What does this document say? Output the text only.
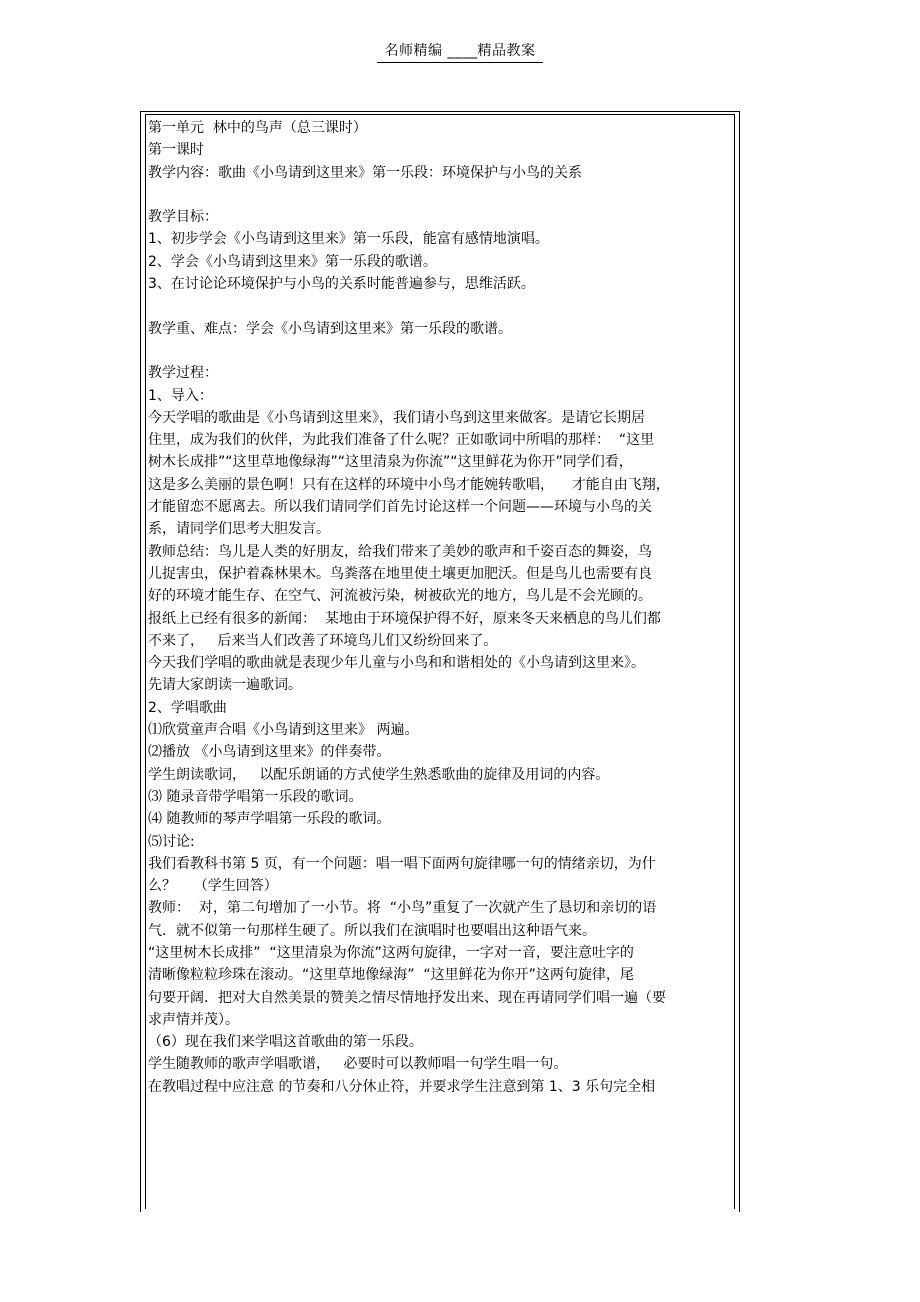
名师精编 ____精品教案
第一单元  林中的鸟声（总三课时）
第一课时
教学内容：歌曲《小鸟请到这里来》第一乐段：环境保护与小鸟的关系
教学目标：
1、初步学会《小鸟请到这里来》第一乐段，能富有感情地演唱。
2、学会《小鸟请到这里来》第一乐段的歌谱。
3、在讨论论环境保护与小鸟的关系时能普遍参与，思维活跃。
教学重、难点：学会《小鸟请到这里来》第一乐段的歌谱。
教学过程：
1、导入：
今天学唱的歌曲是《小鸟请到这里来》，我们请小鸟到这里来做客。是请它长期居
住里，成为我们的伙伴，为此我们准备了什么呢？正如歌词中所唱的那样：  “这里
树木长成排”“这里草地像绿海”“这里清泉为你流”“这里鲜花为你开”同学们看，
这是多么美丽的景色啊！只有在这样的环境中小鸟才能婉转歌唱，    才能自由飞翔，
才能留恋不愿离去。所以我们请同学们首先讨论这样一个问题——环境与小鸟的关
系，请同学们思考大胆发言。
教师总结：鸟儿是人类的好朋友，给我们带来了美妙的歌声和千姿百态的舞姿，鸟
儿捉害虫，保护着森林果木。鸟粪落在地里使土壤更加肥沃。但是鸟儿也需要有良
好的环境才能生存、在空气、河流被污染，树被砍光的地方，鸟儿是不会光顾的。
报纸上已经有很多的新闻：  某地由于环境保护得不好，原来冬天来栖息的鸟儿们都
不来了，   后来当人们改善了环境鸟儿们又纷纷回来了。
今天我们学唱的歌曲就是表现少年儿童与小鸟和和谐相处的《小鸟请到这里来》。
先请大家朗读一遍歌词。
2、学唱歌曲
⑴欣赏童声合唱《小鸟请到这里来》 两遍。
⑵播放 《小鸟请到这里来》的伴奏带。
学生朗读歌词，   以配乐朗诵的方式使学生熟悉歌曲的旋律及用词的内容。
⑶ 随录音带学唱第一乐段的歌词。
⑷ 随教师的琴声学唱第一乐段的歌词。
⑸讨论:
我们看教科书第 5 页，有一个问题：唱一唱下面两句旋律哪一句的情绪亲切，为什
么？    （学生回答）
教师：  对，第二句增加了一小节。将  “小鸟”重复了一次就产生了恳切和亲切的语
气．就不似第一句那样生硬了。所以我们在演唱时也要唱出这种语气来。
“这里树木长成排”  “这里清泉为你流”这两句旋律，一字对一音，要注意吐字的
清晰像粒粒珍珠在滚动。“这里草地像绿海”  “这里鲜花为你开”这两句旋律，尾
句要开阔．把对大自然美景的赞美之情尽情地抒发出来、现在再请同学们唱一遍（要
求声情并茂）。
（6）现在我们来学唱这首歌曲的第一乐段。
学生随教师的歌声学唱歌谱，   必要时可以教师唱一句学生唱一句。
在教唱过程中应注意 的节奏和八分休止符，并要求学生注意到第 1、3 乐句完全相
